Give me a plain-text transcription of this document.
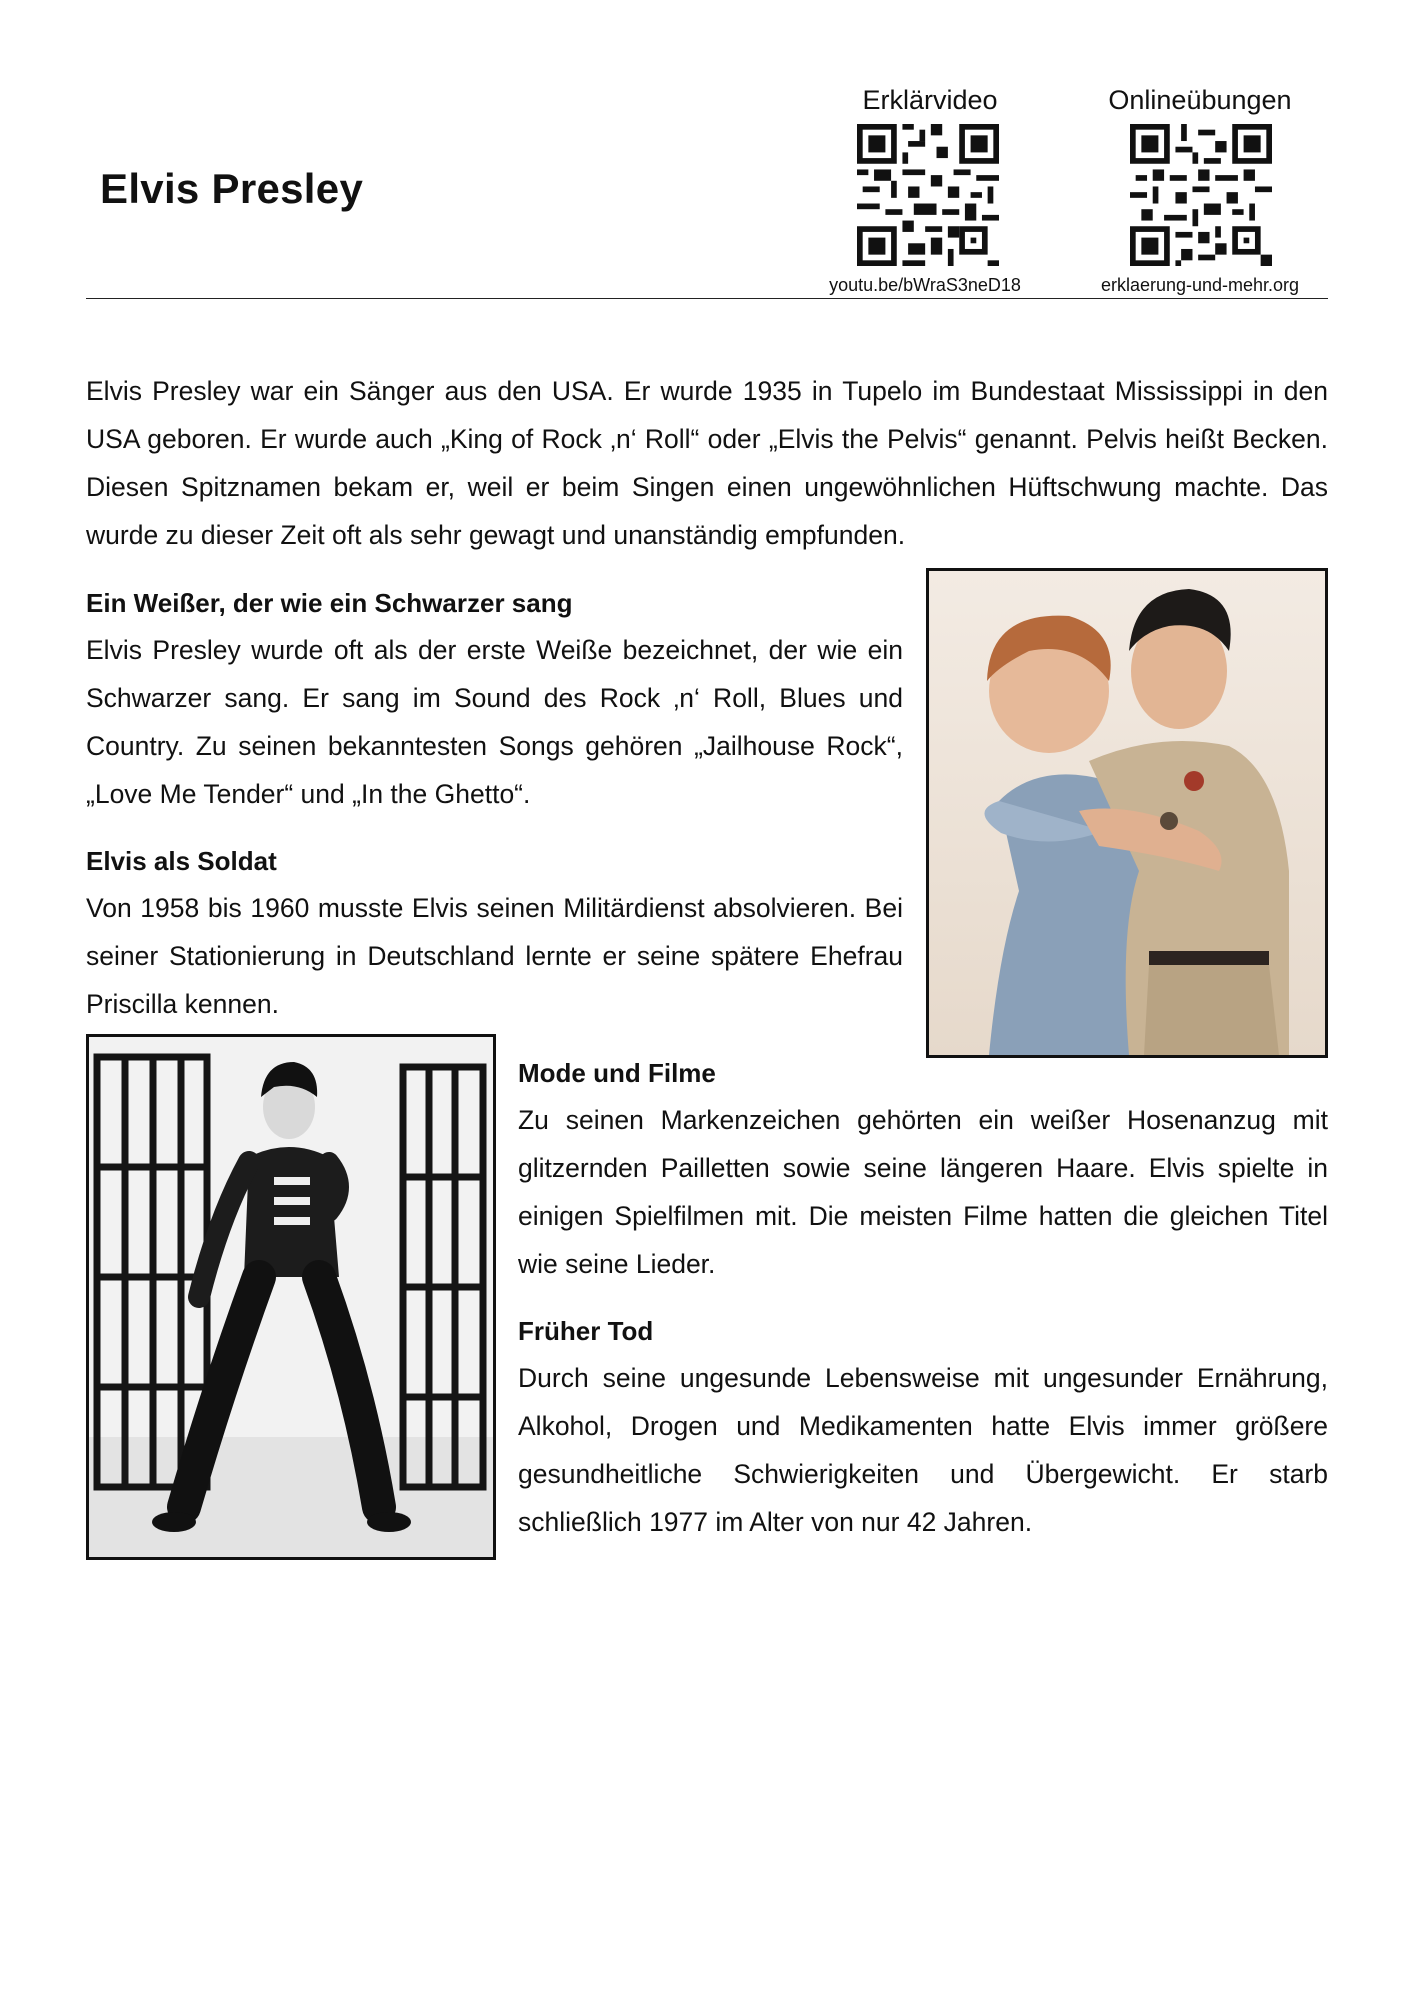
Elvis Presley
Erklärvideo
youtu.be/bWraS3neD18
Onlineübungen
erklaerung-und-mehr.org
Elvis Presley war ein Sänger aus den USA. Er wurde 1935 in Tupelo im Bundestaat Mississippi in den USA geboren. Er wurde auch „King of Rock ‚n‘ Roll“ oder „Elvis the Pelvis“ genannt. Pelvis heißt Becken. Diesen Spitznamen bekam er, weil er beim Singen einen ungewöhnlichen Hüftschwung machte. Das wurde zu dieser Zeit oft als sehr gewagt und unanständig empfunden.
Ein Weißer, der wie ein Schwarzer sang
Elvis Presley wurde oft als der erste Weiße bezeichnet, der wie ein Schwarzer sang. Er sang im Sound des Rock ‚n‘ Roll, Blues und Country. Zu seinen bekanntesten Songs gehören „Jailhouse Rock“, „Love Me Tender“ und „In the Ghetto“.
Elvis als Soldat
Von 1958 bis 1960 musste Elvis seinen Militärdienst absolvieren. Bei seiner Stationierung in Deutschland lernte er seine spätere Ehefrau Priscilla kennen.
Mode und Filme
Zu seinen Markenzeichen gehörten ein weißer Hosenanzug mit glitzernden Pailletten sowie seine längeren Haare. Elvis spielte in einigen Spielfilmen mit. Die meisten Filme hatten die gleichen Titel wie seine Lieder.
Früher Tod
Durch seine ungesunde Lebensweise mit ungesunder Ernährung, Alkohol, Drogen und Medikamenten hatte Elvis immer größere gesundheitliche Schwierigkeiten und Übergewicht. Er starb schließlich 1977 im Alter von nur 42 Jahren.
